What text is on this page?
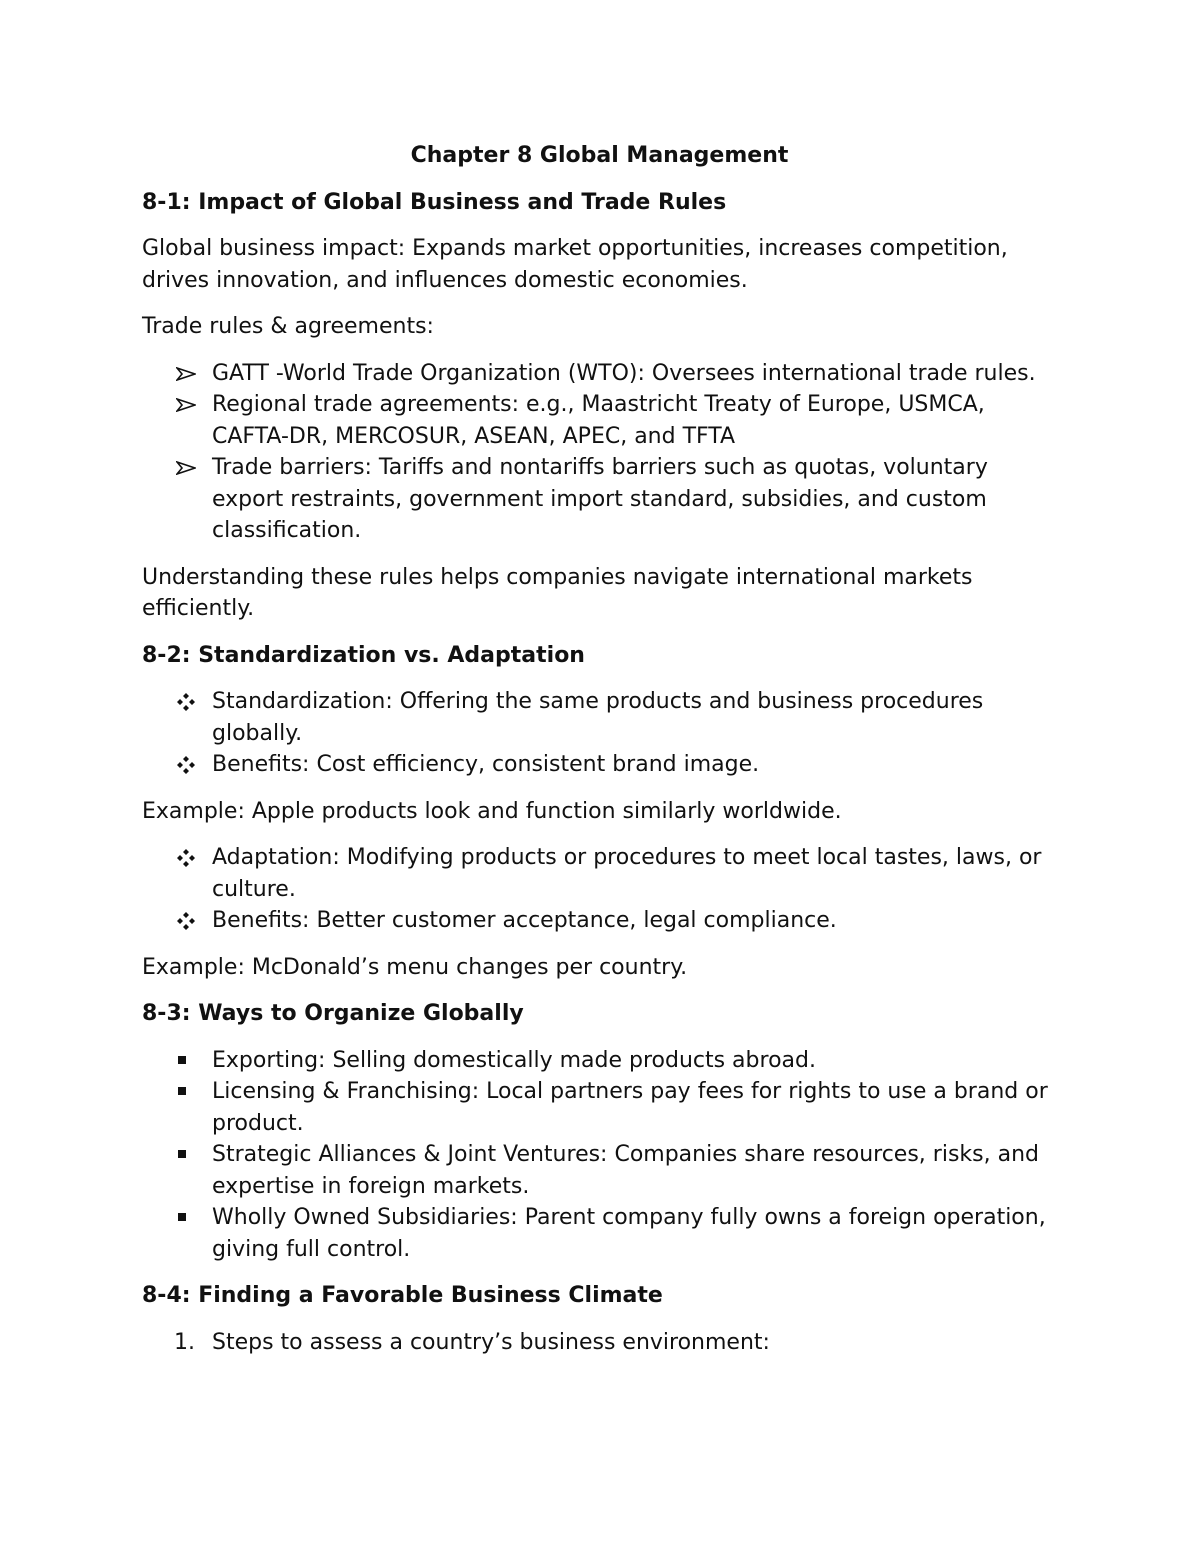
Chapter 8 Global Management
8-1: Impact of Global Business and Trade Rules

Global business impact: Expands market opportunities, increases competition, drives innovation, and influences domestic economies.

Trade rules & agreements:

GATT -World Trade Organization (WTO): Oversees international trade rules.
Regional trade agreements: e.g., Maastricht Treaty of Europe, USMCA, CAFTA-DR, MERCOSUR, ASEAN, APEC, and TFTA
Trade barriers: Tariffs and nontariffs barriers such as quotas, voluntary export restraints, government import standard, subsidies, and custom classification.

Understanding these rules helps companies navigate international markets efficiently.

8-2: Standardization vs. Adaptation
Standardization: Offering the same products and business procedures globally.
Benefits: Cost efficiency, consistent brand image.

Example: Apple products look and function similarly worldwide.

Adaptation: Modifying products or procedures to meet local tastes, laws, or culture.
Benefits: Better customer acceptance, legal compliance.

Example: McDonald’s menu changes per country.

8-3: Ways to Organize Globally
Exporting: Selling domestically made products abroad.
Licensing & Franchising: Local partners pay fees for rights to use a brand or product.
Strategic Alliances & Joint Ventures: Companies share resources, risks, and expertise in foreign markets.
Wholly Owned Subsidiaries: Parent company fully owns a foreign operation, giving full control.
8-4: Finding a Favorable Business Climate
1. Steps to assess a country’s business environment:
